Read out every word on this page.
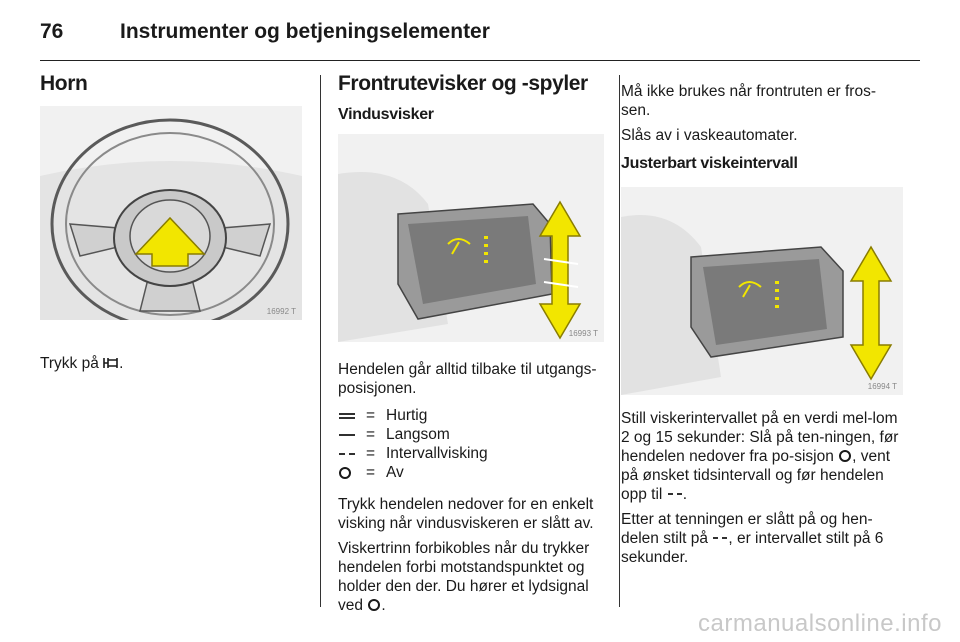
76	Instrumenter og betjeningselementer
Horn
16992 T

Trykk på .

Frontrutevisker og -spyler
Vindusvisker
16993 T

Hendelen går alltid tilbake til utgangs-posisjonen.

= Hurtig
= Langsom
= Intervallvisking
= Av

Trykk hendelen nedover for en enkelt visking når vindusviskeren er slått av.

Viskertrinn forbikobles når du trykker hendelen forbi motstandspunktet og holder den der. Du hører et lydsignal ved .

Må ikke brukes når frontruten er fros-sen.

Slås av i vaskeautomater.

Justerbart viskeintervall
16994 T

Still viskerintervallet på en verdi mel-lom 2 og 15 sekunder: Slå på ten-ningen, før hendelen nedover fra po-sisjon , vent på ønsket tidsintervall og før hendelen opp til .

Etter at tenningen er slått på og hen-delen stilt på , er intervallet stilt på 6 sekunder.

carmanualsonline.info
